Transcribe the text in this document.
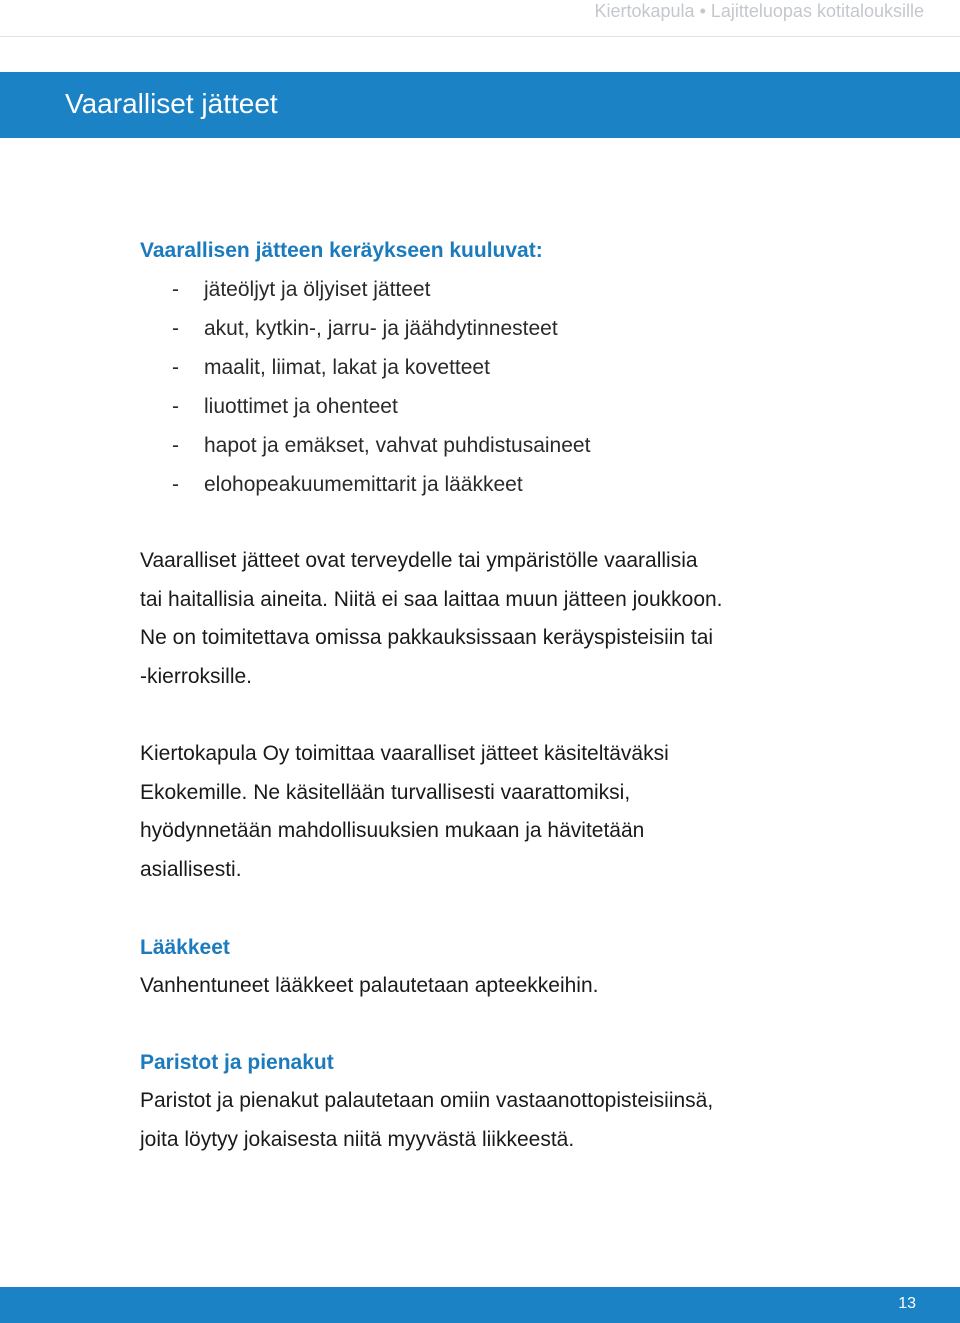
Kiertokapula • Lajitteluopas kotitalouksille
Vaaralliset jätteet
Vaarallisen jätteen keräykseen kuuluvat:
- jäteöljyt ja öljyiset jätteet
- akut, kytkin-, jarru- ja jäähdytinnesteet
- maalit, liimat, lakat ja kovetteet
- liuottimet ja ohenteet
- hapot ja emäkset, vahvat puhdistusaineet
- elohopeakuumemittarit ja lääkkeet

Vaaralliset jätteet ovat terveydelle tai ympäristölle vaarallisia
tai haitallisia aineita. Niitä ei saa laittaa muun jätteen joukkoon.
Ne on toimitettava omissa pakkauksissaan keräyspisteisiin tai
-kierroksille.

Kiertokapula Oy toimittaa vaaralliset jätteet käsiteltäväksi
Ekokemille. Ne käsitellään turvallisesti vaarattomiksi,
hyödynnetään mahdollisuuksien mukaan ja hävitetään
asiallisesti.

Lääkkeet

Vanhentuneet lääkkeet palautetaan apteekkeihin.

Paristot ja pienakut

Paristot ja pienakut palautetaan omiin vastaanottopisteisiinsä,
joita löytyy jokaisesta niitä myyvästä liikkeestä.

13
